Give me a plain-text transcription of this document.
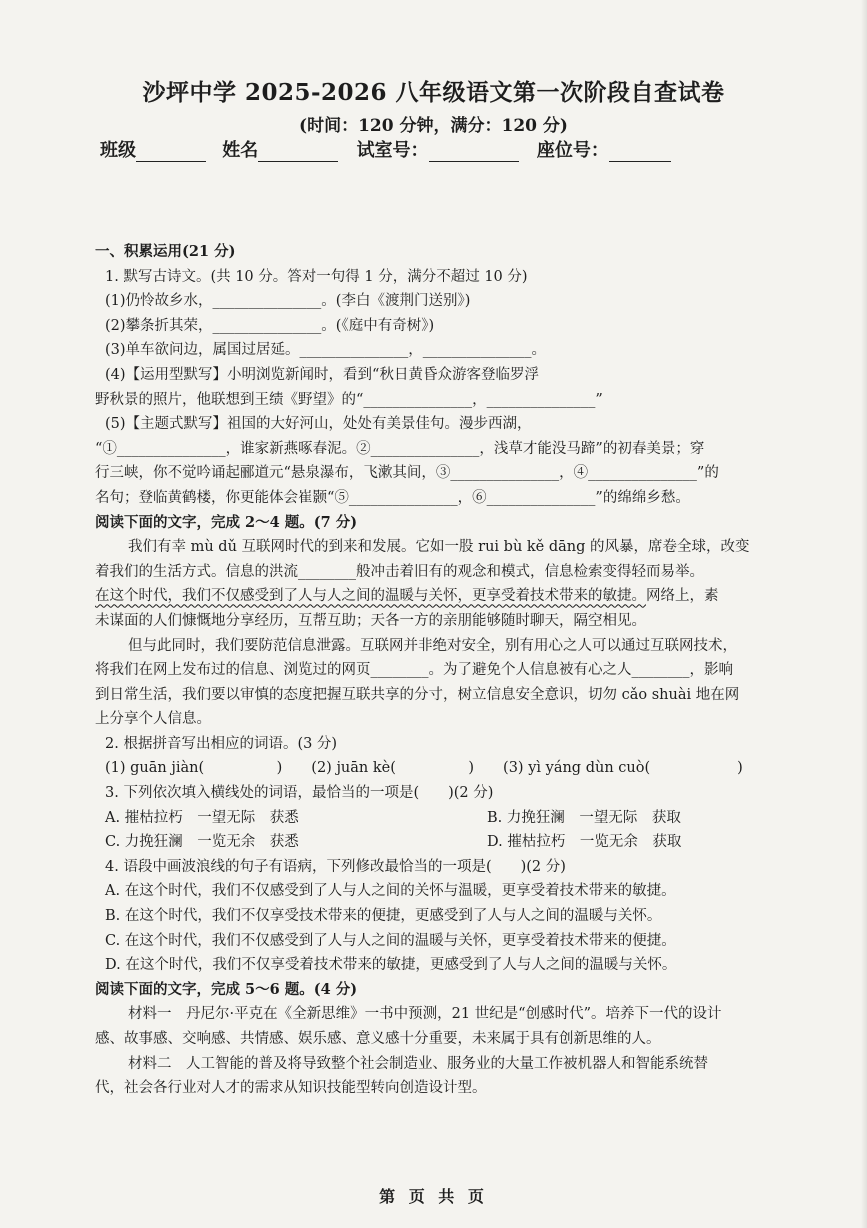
沙坪中学 2025-2026 八年级语文第一次阶段自查试卷
(时间：120 分钟，满分：120 分)
班级	姓名	试室号：	座位号：
一、积累运用(21 分)
1. 默写古诗文。(共 10 分。答对一句得 1 分，满分不超过 10 分)
(1)仍怜故乡水，_______________。(李白《渡荆门送别》)
(2)攀条折其荣，_______________。(《庭中有奇树》)
(3)单车欲问边，属国过居延。_______________，_______________。
(4)【运用型默写】小明浏览新闻时，看到“秋日黄昏众游客登临罗浮
野秋景的照片，他联想到王绩《野望》的“_______________，_______________”
(5)【主题式默写】祖国的大好河山，处处有美景佳句。漫步西湖，
“①_______________，谁家新燕啄春泥。②_______________，浅草才能没马蹄”的初春美景；穿
行三峡，你不觉吟诵起郦道元“悬泉瀑布，飞漱其间，③_______________，④_______________”的
名句；登临黄鹤楼，你更能体会崔颢“⑤_______________，⑥_______________”的绵绵乡愁。
阅读下面的文字，完成 2～4 题。(7 分)
我们有幸 mù dǔ 互联网时代的到来和发展。它如一股 rui bù kě dāng 的风暴，席卷全球，改变
着我们的生活方式。信息的洪流________般冲击着旧有的观念和模式，信息检索变得轻而易举。
在这个时代，我们不仅感受到了人与人之间的温暖与关怀，更享受着技术带来的敏捷。网络上，素
未谋面的人们慷慨地分享经历，互帮互助；天各一方的亲朋能够随时聊天，隔空相见。
但与此同时，我们要防范信息泄露。互联网并非绝对安全，别有用心之人可以通过互联网技术，
将我们在网上发布过的信息、浏览过的网页________。为了避免个人信息被有心之人________，影响
到日常生活，我们要以审慎的态度把握互联共享的分寸，树立信息安全意识，切勿 cǎo shuài 地在网
上分享个人信息。
2. 根据拼音写出相应的词语。(3 分)
(1) guān jiàn(　　　　　)　　(2) juān kè(　　　　　)　　(3) yì yáng dùn cuò(　　　　　　)
3. 下列依次填入横线处的词语，最恰当的一项是(　　)(2 分)
A. 摧枯拉朽　一望无际　获悉	B. 力挽狂澜　一望无际　获取
C. 力挽狂澜　一览无余　获悉	D. 摧枯拉朽　一览无余　获取
4. 语段中画波浪线的句子有语病，下列修改最恰当的一项是(　　)(2 分)
A. 在这个时代，我们不仅感受到了人与人之间的关怀与温暖，更享受着技术带来的敏捷。
B. 在这个时代，我们不仅享受技术带来的便捷，更感受到了人与人之间的温暖与关怀。
C. 在这个时代，我们不仅感受到了人与人之间的温暖与关怀，更享受着技术带来的便捷。
D. 在这个时代，我们不仅享受着技术带来的敏捷，更感受到了人与人之间的温暖与关怀。
阅读下面的文字，完成 5～6 题。(4 分)
材料一　丹尼尔·平克在《全新思维》一书中预测，21 世纪是“创感时代”。培养下一代的设计
感、故事感、交响感、共情感、娱乐感、意义感十分重要，未来属于具有创新思维的人。
材料二　人工智能的普及将导致整个社会制造业、服务业的大量工作被机器人和智能系统替
代，社会各行业对人才的需求从知识技能型转向创造设计型。
第 页 共 页
